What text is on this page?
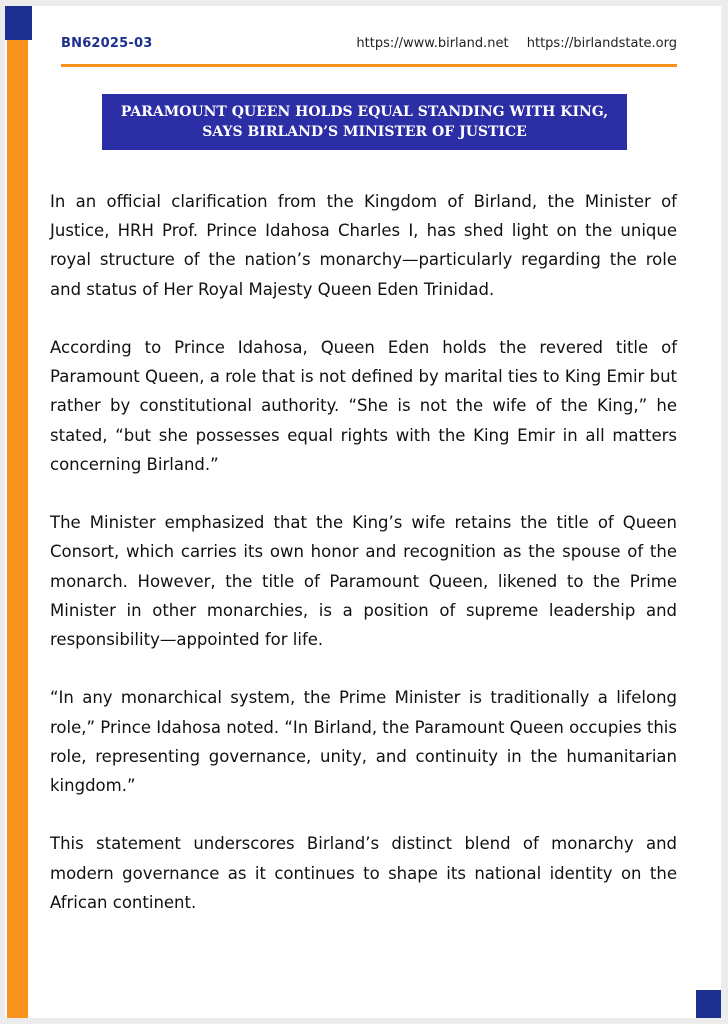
BN62025-03	https://www.birland.net https://birlandstate.org
PARAMOUNT QUEEN HOLDS EQUAL STANDING WITH KING,
SAYS BIRLAND’S MINISTER OF JUSTICE

In an official clarification from the Kingdom of Birland, the Minister of Justice, HRH Prof. Prince Idahosa Charles I, has shed light on the unique royal structure of the nation’s monarchy—particularly regarding the role and status of Her Royal Majesty Queen Eden Trinidad.

According to Prince Idahosa, Queen Eden holds the revered title of Paramount Queen, a role that is not defined by marital ties to King Emir but rather by constitutional authority. “She is not the wife of the King,” he stated, “but she possesses equal rights with the King Emir in all matters concerning Birland.”

The Minister emphasized that the King’s wife retains the title of Queen Consort, which carries its own honor and recognition as the spouse of the monarch. However, the title of Paramount Queen, likened to the Prime Minister in other monarchies, is a position of supreme leadership and responsibility—appointed for life.

“In any monarchical system, the Prime Minister is traditionally a lifelong role,” Prince Idahosa noted. “In Birland, the Paramount Queen occupies this role, representing governance, unity, and continuity in the humanitarian kingdom.”

This statement underscores Birland’s distinct blend of monarchy and modern governance as it continues to shape its national identity on the African continent.
